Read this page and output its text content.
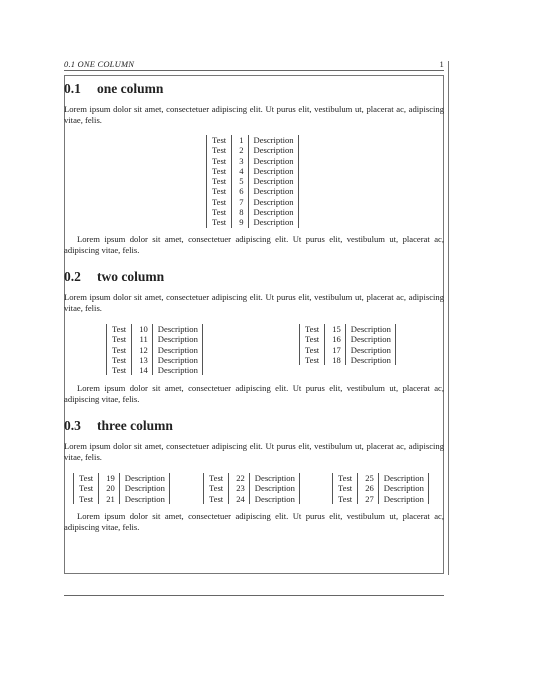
0.1 ONE COLUMN	1
0.1 one column

Lorem ipsum dolor sit amet, consectetuer adipiscing elit. Ut purus elit, vestibulum ut, placerat ac, adipiscing vitae, felis.

Test	1	Description
Test	2	Description
Test	3	Description
Test	4	Description
Test	5	Description
Test	6	Description
Test	7	Description
Test	8	Description
Test	9	Description

Lorem ipsum dolor sit amet, consectetuer adipiscing elit. Ut purus elit, vestibulum ut, placerat ac, adipiscing vitae, felis.

0.2 two column

Lorem ipsum dolor sit amet, consectetuer adipiscing elit. Ut purus elit, vestibulum ut, placerat ac, adipiscing vitae, felis.

Test	10	Description
Test	11	Description
Test	12	Description
Test	13	Description
Test	14	Description
Test	15	Description
Test	16	Description
Test	17	Description
Test	18	Description

Lorem ipsum dolor sit amet, consectetuer adipiscing elit. Ut purus elit, vestibulum ut, placerat ac, adipiscing vitae, felis.

0.3 three column

Lorem ipsum dolor sit amet, consectetuer adipiscing elit. Ut purus elit, vestibulum ut, placerat ac, adipiscing vitae, felis.

Test	19	Description
Test	20	Description
Test	21	Description
Test	22	Description
Test	23	Description
Test	24	Description
Test	25	Description
Test	26	Description
Test	27	Description

Lorem ipsum dolor sit amet, consectetuer adipiscing elit. Ut purus elit, vestibulum ut, placerat ac, adipiscing vitae, felis.
